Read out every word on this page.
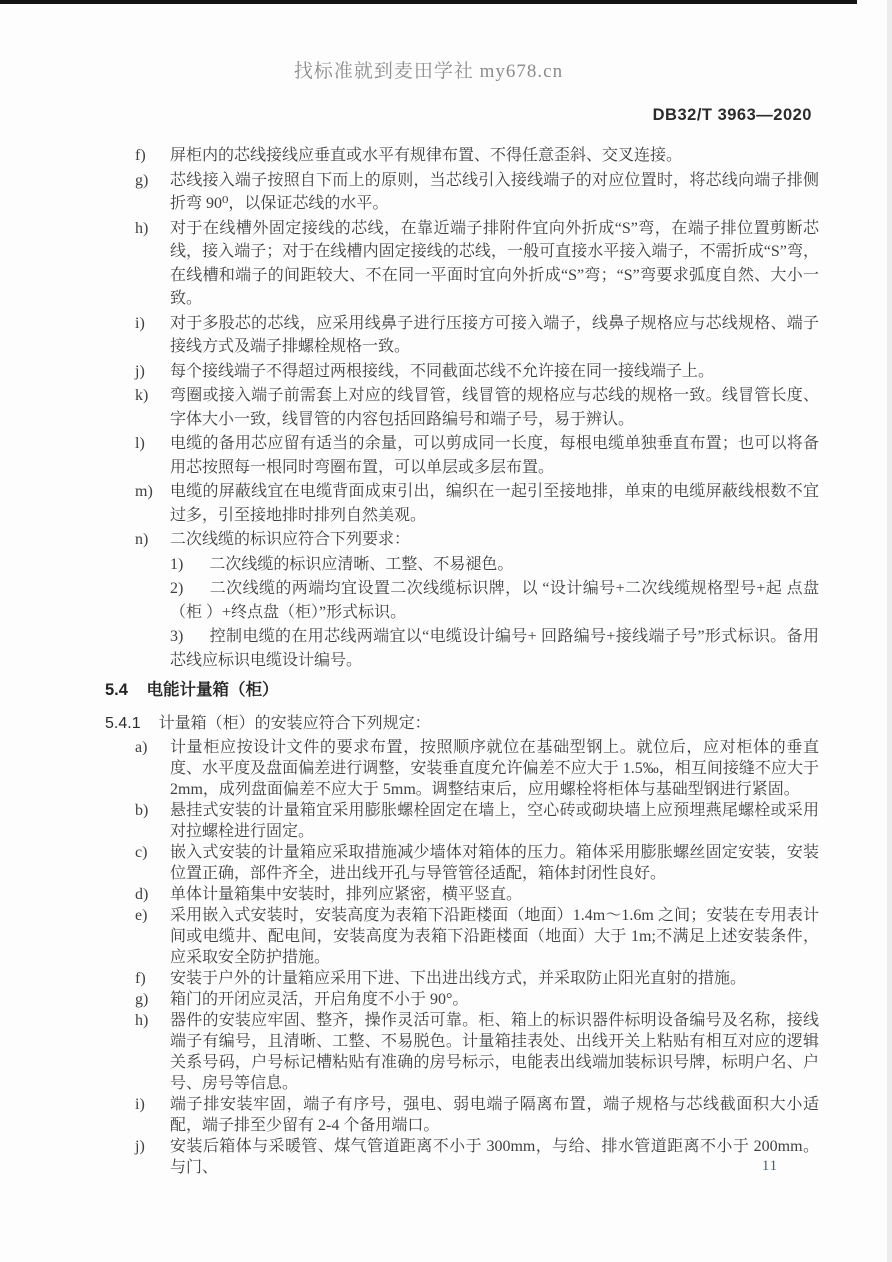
找标准就到麦田学社 my678.cn
DB32/T 3963—2020
f)	屏柜内的芯线接线应垂直或水平有规律布置、不得任意歪斜、交叉连接。
g)	芯线接入端子按照自下而上的原则，当芯线引入接线端子的对应位置时，将芯线向端子排侧折弯 90⁰，以保证芯线的水平。
h)	对于在线槽外固定接线的芯线，在靠近端子排附件宜向外折成“S”弯，在端子排位置剪断芯线，接入端子；对于在线槽内固定接线的芯线，一般可直接水平接入端子，不需折成“S”弯，在线槽和端子的间距较大、不在同一平面时宜向外折成“S”弯；“S”弯要求弧度自然、大小一致。
i)	对于多股芯的芯线，应采用线鼻子进行压接方可接入端子，线鼻子规格应与芯线规格、端子接线方式及端子排螺栓规格一致。
j)	每个接线端子不得超过两根接线，不同截面芯线不允许接在同一接线端子上。
k)	弯圈或接入端子前需套上对应的线冒管，线冒管的规格应与芯线的规格一致。线冒管长度、字体大小一致，线冒管的内容包括回路编号和端子号，易于辨认。
l)	电缆的备用芯应留有适当的余量，可以剪成同一长度，每根电缆单独垂直布置；也可以将备用芯按照每一根同时弯圈布置，可以单层或多层布置。
m)	电缆的屏蔽线宜在电缆背面成束引出，编织在一起引至接地排，单束的电缆屏蔽线根数不宜过多，引至接地排时排列自然美观。
n)	二次线缆的标识应符合下列要求：
1) 二次线缆的标识应清晰、工整、不易褪色。
2) 二次线缆的两端均宜设置二次线缆标识牌，以 “设计编号+二次线缆规格型号+起 点盘 （柜 ）+终点盘（柜）”形式标识。
3) 控制电缆的在用芯线两端宜以“电缆设计编号+ 回路编号+接线端子号”形式标识。备用芯线应标识电缆设计编号。
5.4 电能计量箱（柜）
5.4.1 计量箱（柜）的安装应符合下列规定：
a)	计量柜应按设计文件的要求布置，按照顺序就位在基础型钢上。就位后，应对柜体的垂直度、水平度及盘面偏差进行调整，安装垂直度允许偏差不应大于 1.5‰，相互间接缝不应大于 2mm，成列盘面偏差不应大于 5mm。调整结束后，应用螺栓将柜体与基础型钢进行紧固。
b)	悬挂式安装的计量箱宜采用膨胀螺栓固定在墙上，空心砖或砌块墙上应预埋燕尾螺栓或采用对拉螺栓进行固定。
c)	嵌入式安装的计量箱应采取措施减少墙体对箱体的压力。箱体采用膨胀螺丝固定安装，安装位置正确，部件齐全，进出线开孔与导管管径适配，箱体封闭性良好。
d)	单体计量箱集中安装时，排列应紧密，横平竖直。
e)	采用嵌入式安装时，安装高度为表箱下沿距楼面（地面）1.4m～1.6m 之间；安装在专用表计间或电缆井、配电间，安装高度为表箱下沿距楼面（地面）大于 1m;不满足上述安装条件，应采取安全防护措施。
f)	安装于户外的计量箱应采用下进、下出进出线方式，并采取防止阳光直射的措施。
g)	箱门的开闭应灵活，开启角度不小于 90°。
h)	器件的安装应牢固、整齐，操作灵活可靠。柜、箱上的标识器件标明设备编号及名称，接线端子有编号，且清晰、工整、不易脱色。计量箱挂表处、出线开关上粘贴有相互对应的逻辑关系号码，户号标记槽粘贴有准确的房号标示，电能表出线端加装标识号牌，标明户名、户号、房号等信息。
i)	端子排安装牢固，端子有序号，强电、弱电端子隔离布置，端子规格与芯线截面积大小适配，端子排至少留有 2-4 个备用端口。
j)	安装后箱体与采暖管、煤气管道距离不小于 300mm，与给、排水管道距离不小于 200mm。与门、	11
